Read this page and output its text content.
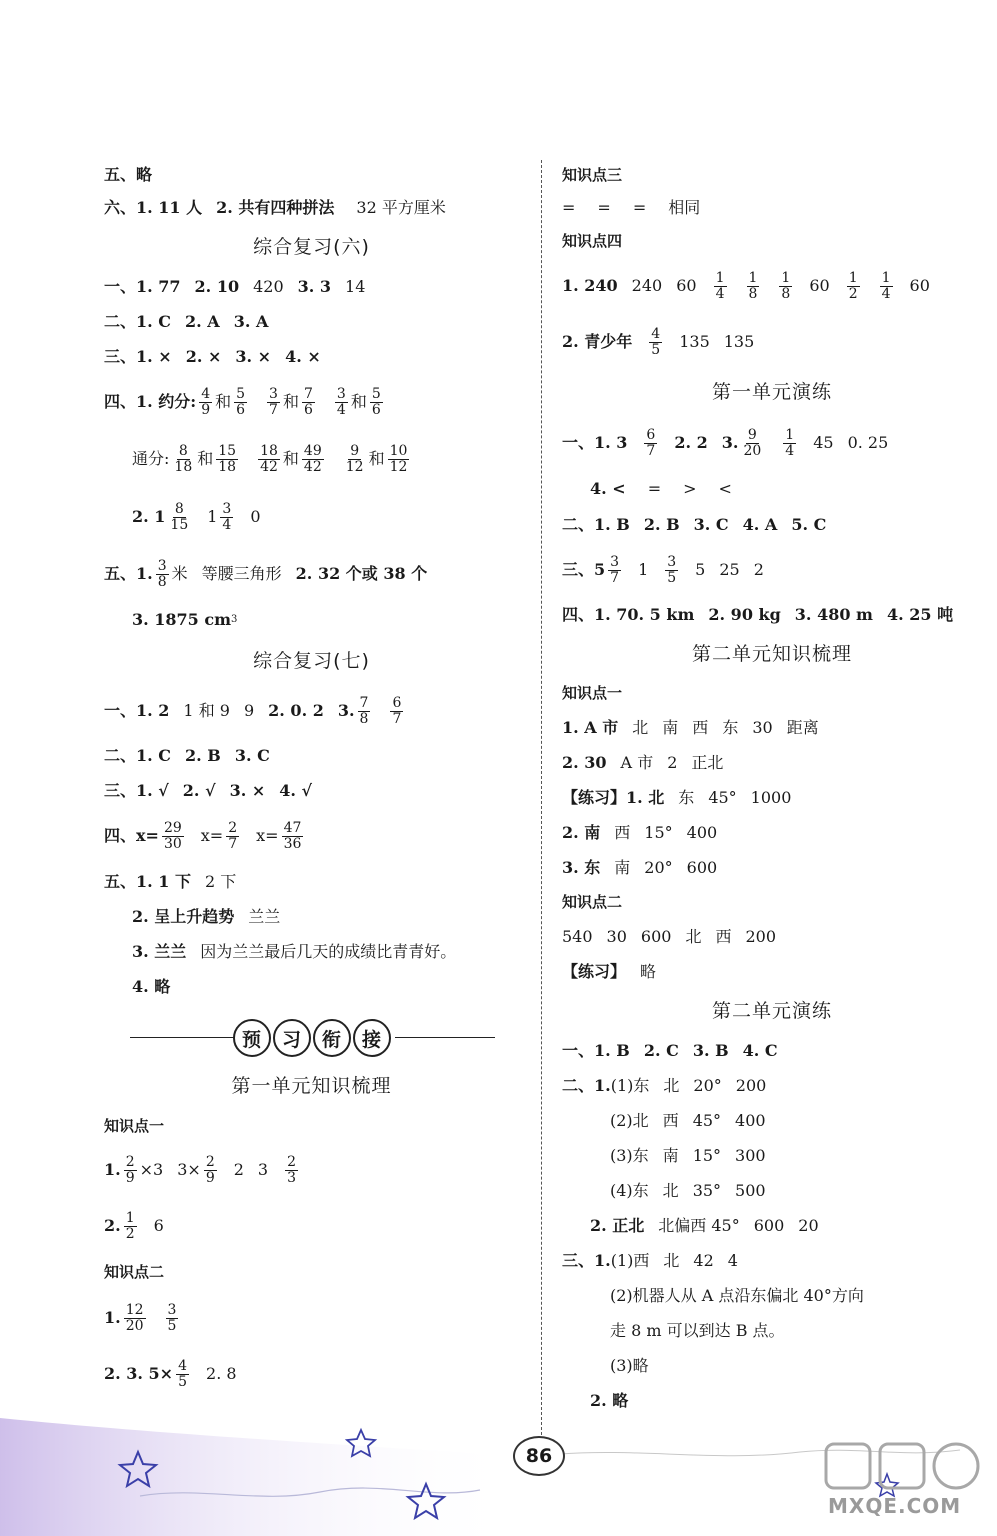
五、略
六、1. 11 人 2. 共有四种拼法 32 平方厘米
综合复习(六)
一、1. 77 2. 10 420 3. 3 14
二、1. C 2. A 3. A
三、1. × 2. × 3. × 4. ×
四、1. 约分: $\frac{4}{9}$ 和 $\frac{5}{6} \frac{3}{7}$ 和 $\frac{7}{6} \frac{3}{4}$ 和 $\frac{5}{6}$
通分: $\frac{8}{18}$ 和 $\frac{15}{18} \frac{18}{42}$ 和 $\frac{49}{42} \frac{9}{12}$ 和 $\frac{10}{12}$
2. $1 \frac{8}{15} 1 \frac{3}{4} 0$
五、1. $\frac{3}{8}$ 米 等腰三角形 2. 32 个或 38 个
3. 1875 cm 3
综合复习(七)
一、1. 2 1 和 9 9 2. 0. 2 3. $\frac{7}{8} \frac{6}{7}$
二、1. C 2. B 3. C
三、1. √ 2. √ 3. × 4. √
四、$x= \frac{29}{30} x= \frac{2}{7} x= \frac{47}{36}$
五、1. 1 下 2 下
2. 呈上升趋势 兰兰
3. 兰兰 因为兰兰最后几天的成绩比青青好。
4. 略
预	习	衔	接
第一单元知识梳理
知识点一
1. $\frac{2}{9} \times 3$ $3\times \frac{2}{9} 2$ $3 \frac{2}{3}$
2. $\frac{1}{2} 6$
知识点二
1. $\frac{12}{20} \frac{3}{5}$
2. 3. $5\times \frac{4}{5} 2$. 8
知识点三
= = = 相同
知识点四
1. 240 240 $60 \frac{1}{4} \frac{1}{8} \frac{1}{8} 60 \frac{1}{2} \frac{1}{4} 60$
2. 青少年 $\frac{4}{5} 135$ 135
第一单元演练
一、1. $3 \frac{6}{7} 2$. 2 3. $\frac{9}{20} \frac{1}{4} 45$ 0. 25
4. < = > <
二、1. B 2. B 3. C 4. A 5. C
三、$5 \frac{3}{7} 1 \frac{3}{5} 5$ 25 2
四、1. 70. 5 km 2. 90 kg 3. 480 m 4. 25 吨
第二单元知识梳理
知识点一
1. A 市 北 南 西 东 30 距离
2. 30 A 市 2 正北
【练习】 1. 北 东 45° 1000
2. 南 西 15° 400
3. 东 南 20° 600
知识点二
540 30 600 北 西 200
【练习】 略
第二单元演练
一、1. B 2. C 3. B 4. C
二、1. (1)东 北 20° 200
(2)北 西 45° 400
(3)东 南 15° 300
(4)东 北 35° 500
2. 正北 北偏西 45° 600 20
三、1. (1)西 北 42 4
(2)机器人从 A 点沿东偏北 40°方向
走 8 m 可以到达 B 点。
(3)略
2. 略
86
MXQE.COM
